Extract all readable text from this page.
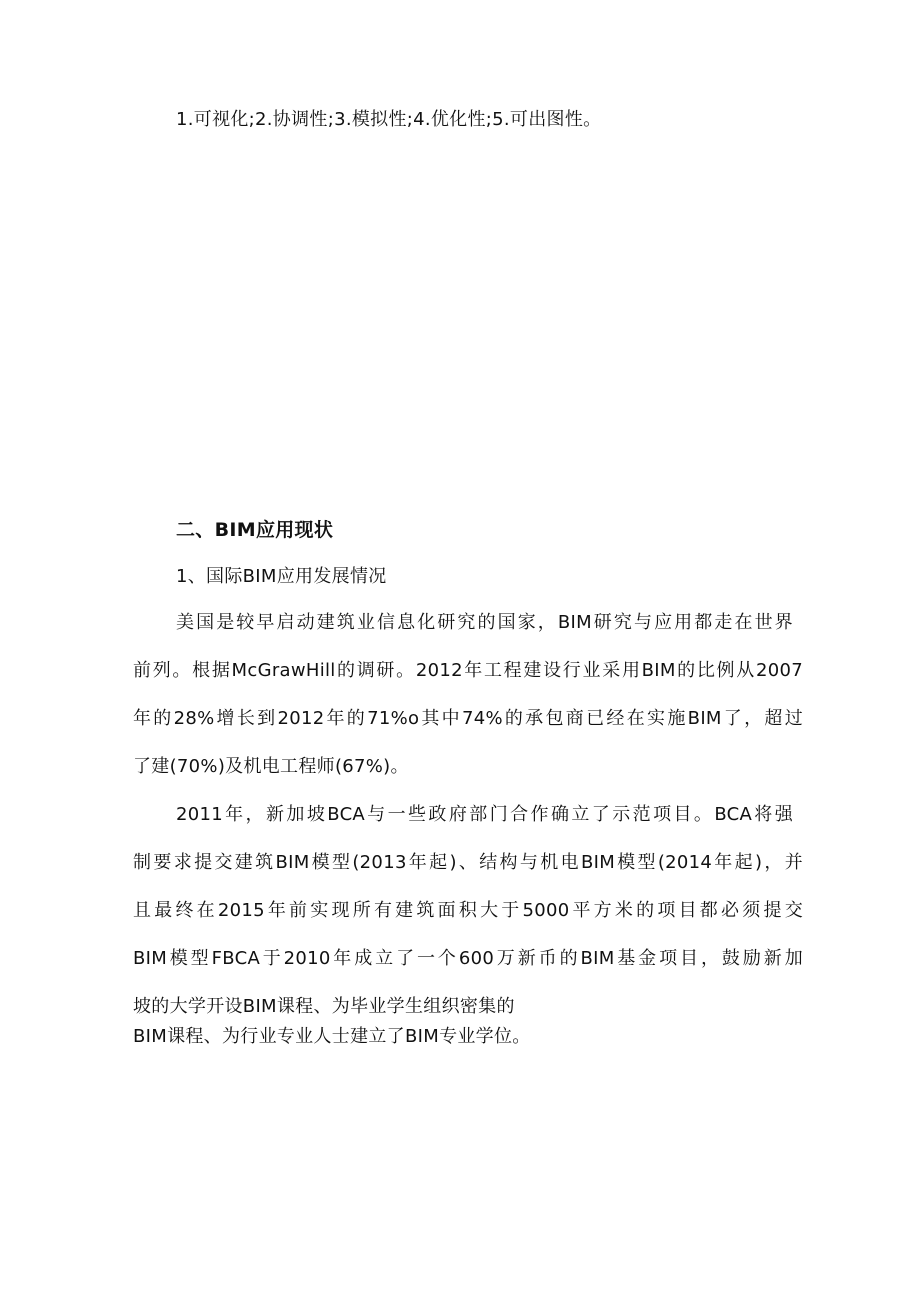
1.可视化;2.协调性;3.模拟性;4.优化性;5.可出图性。
二、BIM应用现状
1、国际BIM应用发展情况
美国是较早启动建筑业信息化研究的国家，BIM研究与应用都走在世界
前列。根据McGrawHill的调研。2012年工程建设行业采用BIM的比例从2007
年的28%增长到2012年的71%o其中74%的承包商已经在实施BIM了，超过
了建(70%)及机电工程师(67%)。
2011年，新加坡BCA与一些政府部门合作确立了示范项目。BCA将强
制要求提交建筑BIM模型(2013年起)、结构与机电BIM模型(2014年起)，并
且最终在2015年前实现所有建筑面积大于5000平方米的项目都必须提交
BIM模型FBCA于2010年成立了一个600万新币的BIM基金项目，鼓励新加
坡的大学开设BIM课程、为毕业学生组织密集的
BIM课程、为行业专业人士建立了BIM专业学位。
